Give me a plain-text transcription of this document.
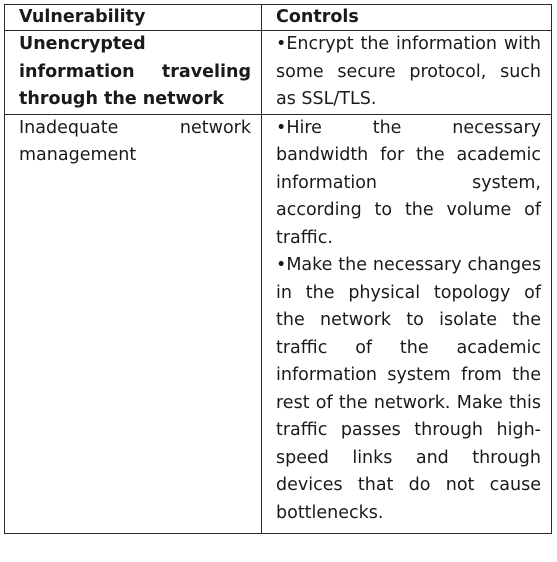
Vulnerability	Controls
Unencrypted information traveling through the network	•Encrypt the information with some secure protocol, such as SSL/TLS.

Inadequate network management	•Hire the necessary bandwidth for the academic information system, according to the volume of traffic.
•Make the necessary changes in the physical topology of the network to isolate the traffic of the academic information system from the rest of the network. Make this traffic passes through high-speed links and through devices that do not cause bottlenecks.
